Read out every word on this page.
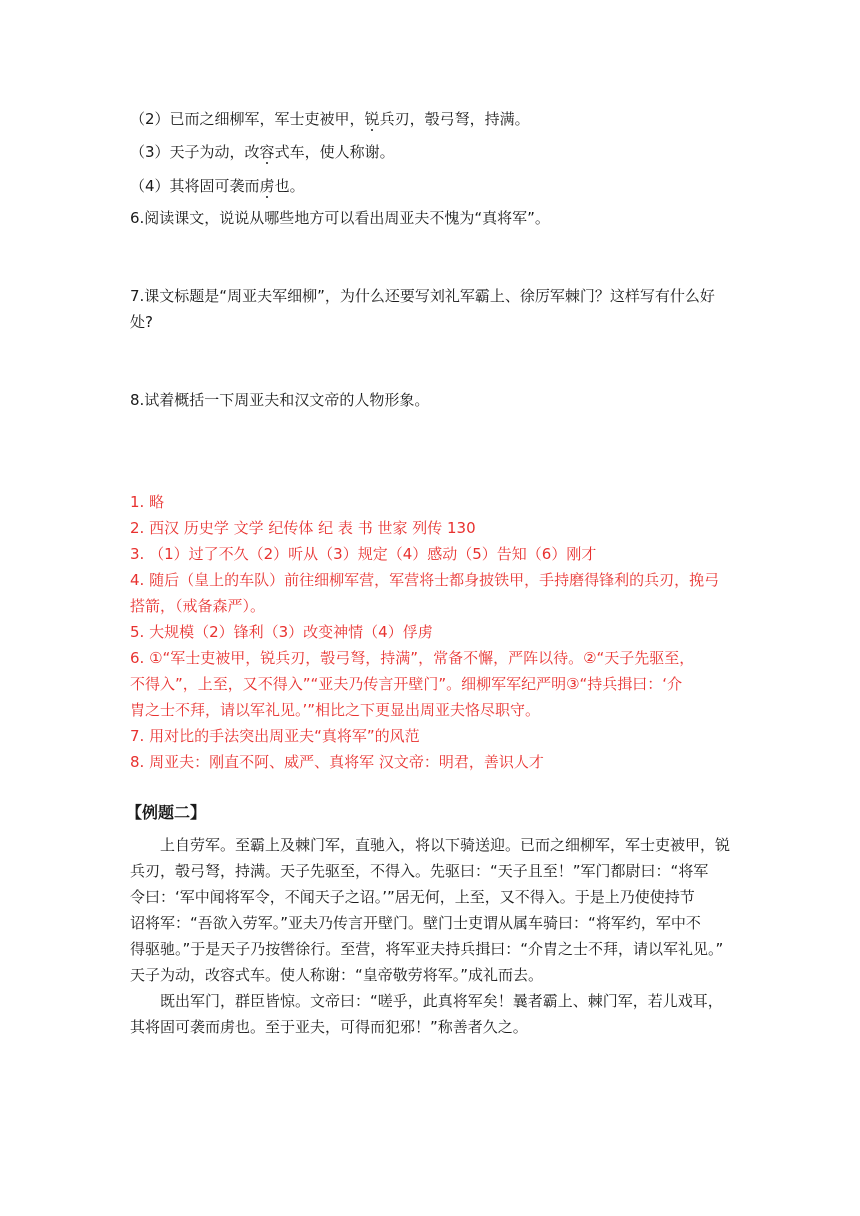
（2）已而之细柳军，军士吏被甲，锐兵刃，彀弓弩，持满。
（3）天子为动，改容式车，使人称谢。
（4）其将固可袭而虏也。
6.阅读课文，说说从哪些地方可以看出周亚夫不愧为“真将军”。
7.课文标题是“周亚夫军细柳”，为什么还要写刘礼军霸上、徐厉军棘门？这样写有什么好
处?
8.试着概括一下周亚夫和汉文帝的人物形象。
1. 略
2. 西汉 历史学 文学 纪传体 纪 表 书 世家 列传 130
3. （1）过了不久（2）听从（3）规定（4）感动（5）告知（6）刚才
4. 随后（皇上的车队）前往细柳军营，军营将士都身披铁甲，手持磨得锋利的兵刃，挽弓
搭箭，（戒备森严）。
5. 大规模（2）锋利（3）改变神情（4）俘虏
6. ①“军士吏被甲，锐兵刃，彀弓弩，持满”，常备不懈，严阵以待。②“天子先驱至，
不得入”，上至，又不得入”“亚夫乃传言开壁门”。细柳军军纪严明③“持兵揖曰：‘介
胄之士不拜，请以军礼见。’”相比之下更显出周亚夫恪尽职守。
7. 用对比的手法突出周亚夫“真将军”的风范
8. 周亚夫：刚直不阿、威严、真将军 汉文帝：明君，善识人才
【例题二】
上自劳军。至霸上及棘门军，直驰入，将以下骑送迎。已而之细柳军，军士吏被甲，锐
兵刃，彀弓弩，持满。天子先驱至，不得入。先驱曰：“天子且至！”军门都尉曰：“将军
令曰：‘军中闻将军令，不闻天子之诏。’”居无何，上至，又不得入。于是上乃使使持节
诏将军：“吾欲入劳军。”亚夫乃传言开壁门。壁门士吏谓从属车骑曰：“将军约，军中不
得驱驰。”于是天子乃按辔徐行。至营，将军亚夫持兵揖曰：“介胄之士不拜，请以军礼见。”
天子为动，改容式车。使人称谢：“皇帝敬劳将军。”成礼而去。
既出军门，群臣皆惊。文帝曰：“嗟乎，此真将军矣！曩者霸上、棘门军，若儿戏耳，
其将固可袭而虏也。至于亚夫，可得而犯邪！”称善者久之。
